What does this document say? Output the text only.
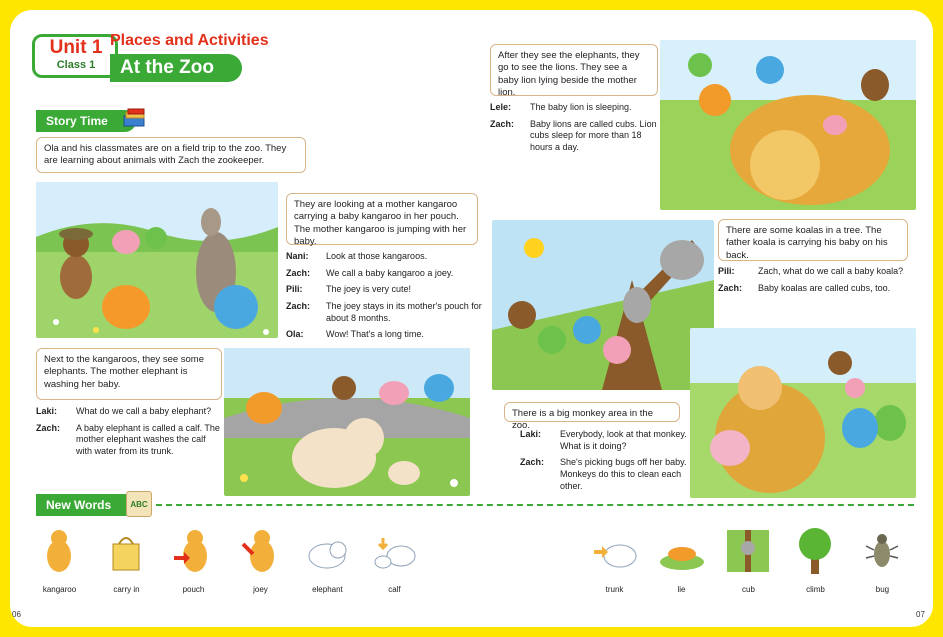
Unit 1
Class 1
Places and Activities
At the Zoo
Story Time
Ola and his classmates are on a field trip to the zoo. They are learning about animals with Zach the zookeeper.
They are looking at a mother kangaroo carrying a baby kangaroo in her pouch. The mother kangaroo is jumping with her baby.
Nani:	Look at those kangaroos.
Zach:	We call a baby kangaroo a joey.
Pili:	The joey is very cute!
Zach:	The joey stays in its mother's pouch for about 8 months.
Ola:	Wow! That's a long time.
Next to the kangaroos, they see some elephants. The mother elephant is washing her baby.
Laki:	What do we call a baby elephant?
Zach:	A baby elephant is called a calf. The mother elephant washes the calf with water from its trunk.
After they see the elephants, they go to see the lions. They see a baby lion lying beside the mother lion.
Lele:	The baby lion is sleeping.
Zach:	Baby lions are called cubs. Lion cubs sleep for more than 18 hours a day.
There are some koalas in a tree. The father koala is carrying his baby on his back.
Pili:	Zach, what do we call a baby koala?
Zach:	Baby koalas are called cubs, too.
There is a big monkey area in the zoo.
Laki:	Everybody, look at that monkey. What is it doing?
Zach:	She's picking bugs off her baby. Monkeys do this to clean each other.
New Words	ABC
kangaroo	carry in	pouch	joey	elephant	calf	trunk	lie	cub	climb	bug
06	07
